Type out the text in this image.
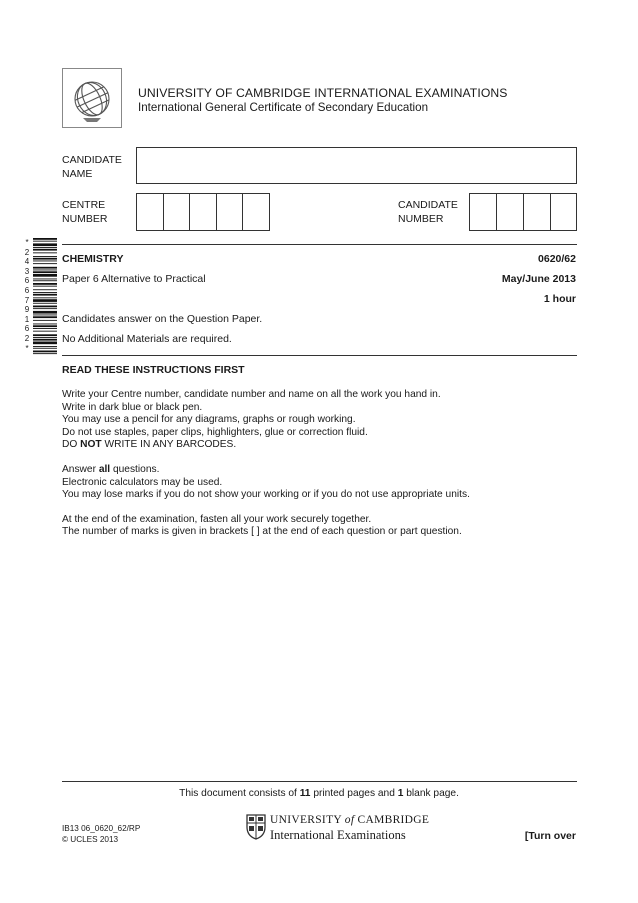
UNIVERSITY OF CAMBRIDGE INTERNATIONAL EXAMINATIONS
International General Certificate of Secondary Education
CANDIDATE
NAME
CENTRE
NUMBER
CANDIDATE
NUMBER
*
2
4
3
6
6
7
9
1
6
2
*
CHEMISTRY	0620/62
Paper 6 Alternative to Practical	May/June 2013
1 hour
Candidates answer on the Question Paper.
No Additional Materials are required.
READ THESE INSTRUCTIONS FIRST

Write your Centre number, candidate number and name on all the work you hand in.
Write in dark blue or black pen.
You may use a pencil for any diagrams, graphs or rough working.
Do not use staples, paper clips, highlighters, glue or correction fluid.
DO NOT WRITE IN ANY BARCODES.

Answer all questions.
Electronic calculators may be used.
You may lose marks if you do not show your working or if you do not use appropriate units.

At the end of the examination, fasten all your work securely together.
The number of marks is given in brackets [ ] at the end of each question or part question.

This document consists of 11 printed pages and 1 blank page.
IB13 06_0620_62/RP
© UCLES 2013
UNIVERSITY of CAMBRIDGE
International Examinations	[Turn over
